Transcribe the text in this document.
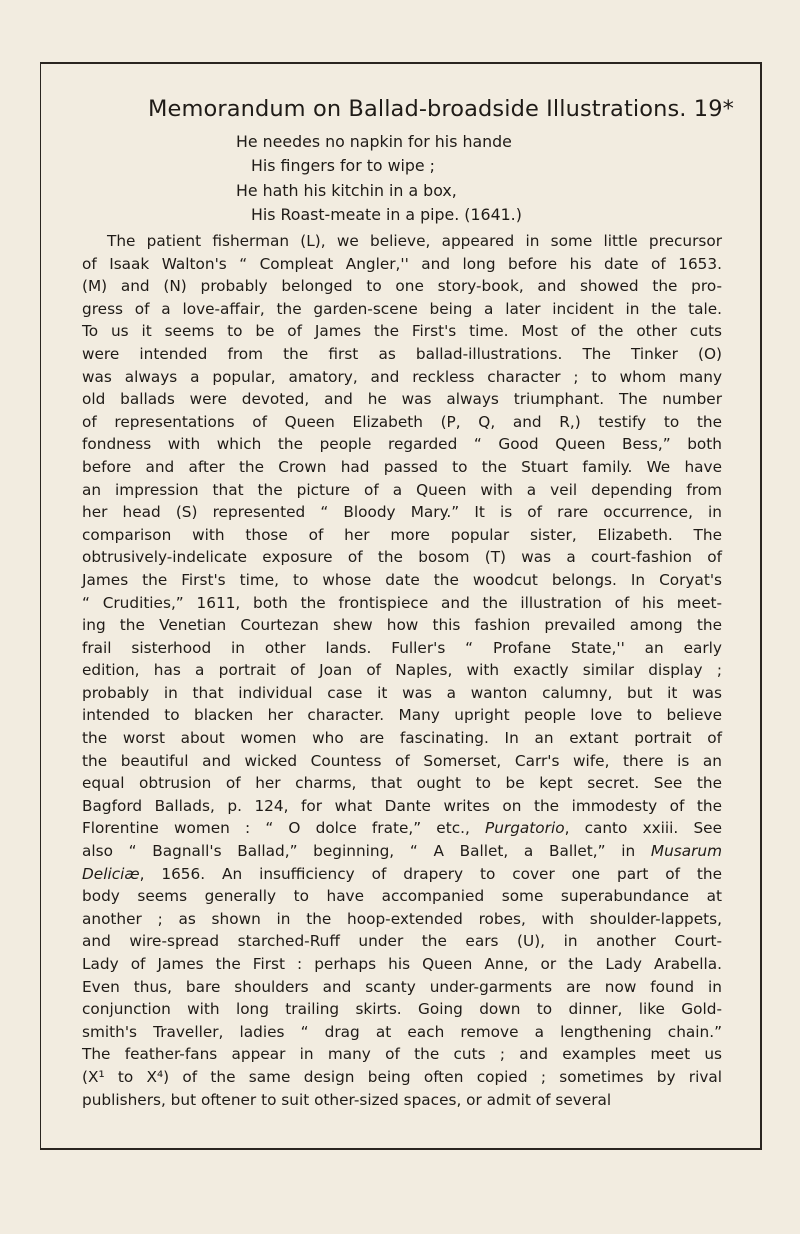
Memorandum on Ballad-broadside Illustrations. 19*
He needes no napkin for his hande
His fingers for to wipe ;
He hath his kitchin in a box,
His Roast-meate in a pipe. (1641.)
The patient fisherman (L), we believe, appeared in some little precursor
of Isaak Walton's “ Compleat Angler,'' and long before his date of 1653.
(M) and (N) probably belonged to one story-book, and showed the pro-
gress of a love-affair, the garden-scene being a later incident in the tale.
To us it seems to be of James the First's time. Most of the other cuts
were intended from the first as ballad-illustrations. The Tinker (O)
was always a popular, amatory, and reckless character ; to whom many
old ballads were devoted, and he was always triumphant. The number
of representations of Queen Elizabeth (P, Q, and R,) testify to the
fondness with which the people regarded “ Good Queen Bess,” both
before and after the Crown had passed to the Stuart family. We have
an impression that the picture of a Queen with a veil depending from
her head (S) represented “ Bloody Mary.” It is of rare occurrence, in
comparison with those of her more popular sister, Elizabeth. The
obtrusively-indelicate exposure of the bosom (T) was a court-fashion of
James the First's time, to whose date the woodcut belongs. In Coryat's
“ Crudities,” 1611, both the frontispiece and the illustration of his meet-
ing the Venetian Courtezan shew how this fashion prevailed among the
frail sisterhood in other lands. Fuller's “ Profane State,'' an early
edition, has a portrait of Joan of Naples, with exactly similar display ;
probably in that individual case it was a wanton calumny, but it was
intended to blacken her character. Many upright people love to believe
the worst about women who are fascinating. In an extant portrait of
the beautiful and wicked Countess of Somerset, Carr's wife, there is an
equal obtrusion of her charms, that ought to be kept secret. See the
Bagford Ballads, p. 124, for what Dante writes on the immodesty of the
Florentine women : “ O dolce frate,” etc., Purgatorio, canto xxiii. See
also “ Bagnall's Ballad,” beginning, “ A Ballet, a Ballet,” in Musarum
Deliciæ, 1656. An insufficiency of drapery to cover one part of the
body seems generally to have accompanied some superabundance at
another ; as shown in the hoop-extended robes, with shoulder-lappets,
and wire-spread starched-Ruff under the ears (U), in another Court-
Lady of James the First : perhaps his Queen Anne, or the Lady Arabella.
Even thus, bare shoulders and scanty under-garments are now found in
conjunction with long trailing skirts. Going down to dinner, like Gold-
smith's Traveller, ladies “ drag at each remove a lengthening chain.”
The feather-fans appear in many of the cuts ; and examples meet us
(X¹ to X⁴) of the same design being often copied ; sometimes by rival
publishers, but oftener to suit other-sized spaces, or admit of several
